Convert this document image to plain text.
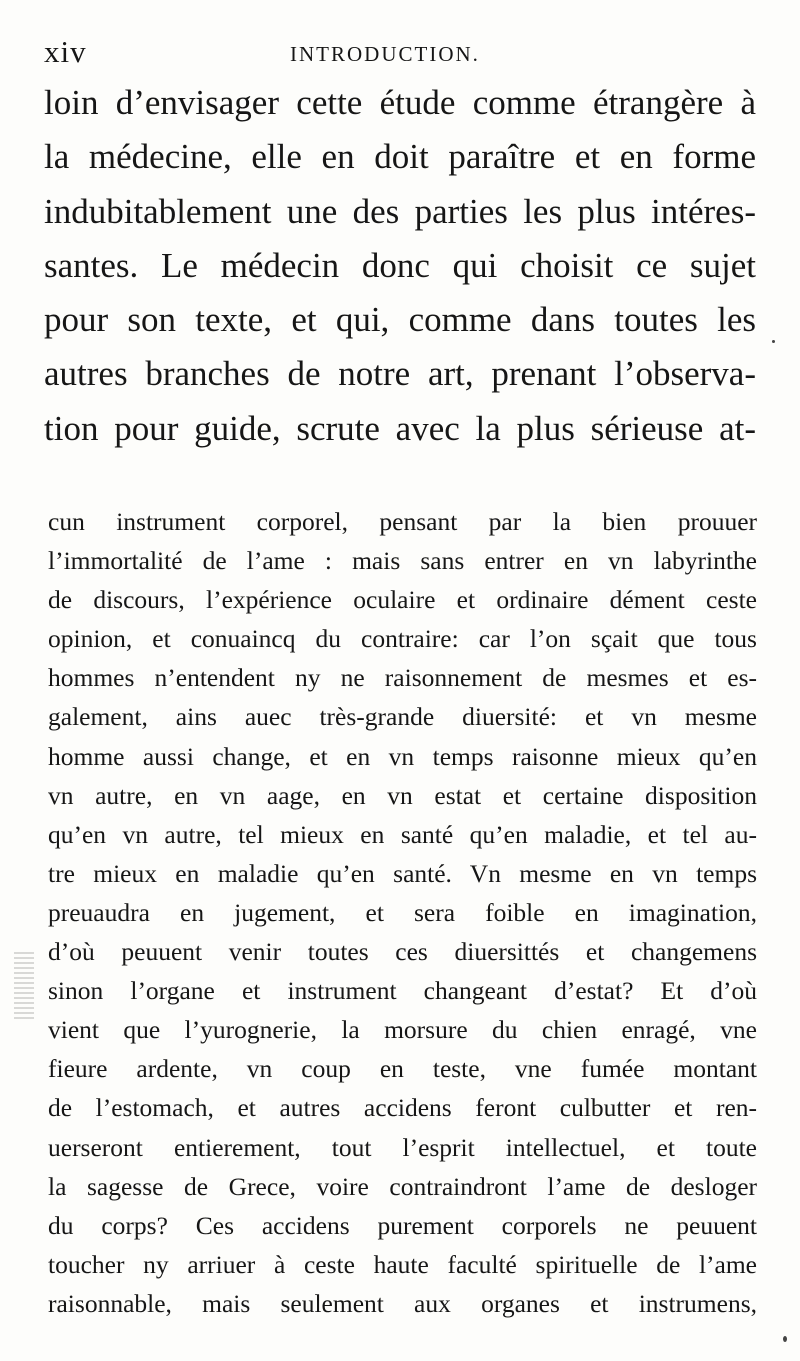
xiv	INTRODUCTION.
loin d’envisager cette étude comme étrangère à
la médecine, elle en doit paraître et en forme
indubitablement une des parties les plus intéres-
santes. Le médecin donc qui choisit ce sujet
pour son texte, et qui, comme dans toutes les
autres branches de notre art, prenant l’observa-
tion pour guide, scrute avec la plus sérieuse at-
cun instrument corporel, pensant par la bien prouuer
l’immortalité de l’ame : mais sans entrer en vn labyrinthe
de discours, l’expérience oculaire et ordinaire dément ceste
opinion, et conuaincq du contraire: car l’on sçait que tous
hommes n’entendent ny ne raisonnement de mesmes et es-
galement, ains auec très-grande diuersité: et vn mesme
homme aussi change, et en vn temps raisonne mieux qu’en
vn autre, en vn aage, en vn estat et certaine disposition
qu’en vn autre, tel mieux en santé qu’en maladie, et tel au-
tre mieux en maladie qu’en santé. Vn mesme en vn temps
preuaudra en jugement, et sera foible en imagination,
d’où peuuent venir toutes ces diuersittés et changemens
sinon l’organe et instrument changeant d’estat? Et d’où
vient que l’yurognerie, la morsure du chien enragé, vne
fieure ardente, vn coup en teste, vne fumée montant
de l’estomach, et autres accidens feront culbutter et ren-
uerseront entierement, tout l’esprit intellectuel, et toute
la sagesse de Grece, voire contraindront l’ame de desloger
du corps? Ces accidens purement corporels ne peuuent
toucher ny arriuer à ceste haute faculté spirituelle de l’ame
raisonnable, mais seulement aux organes et instrumens,
